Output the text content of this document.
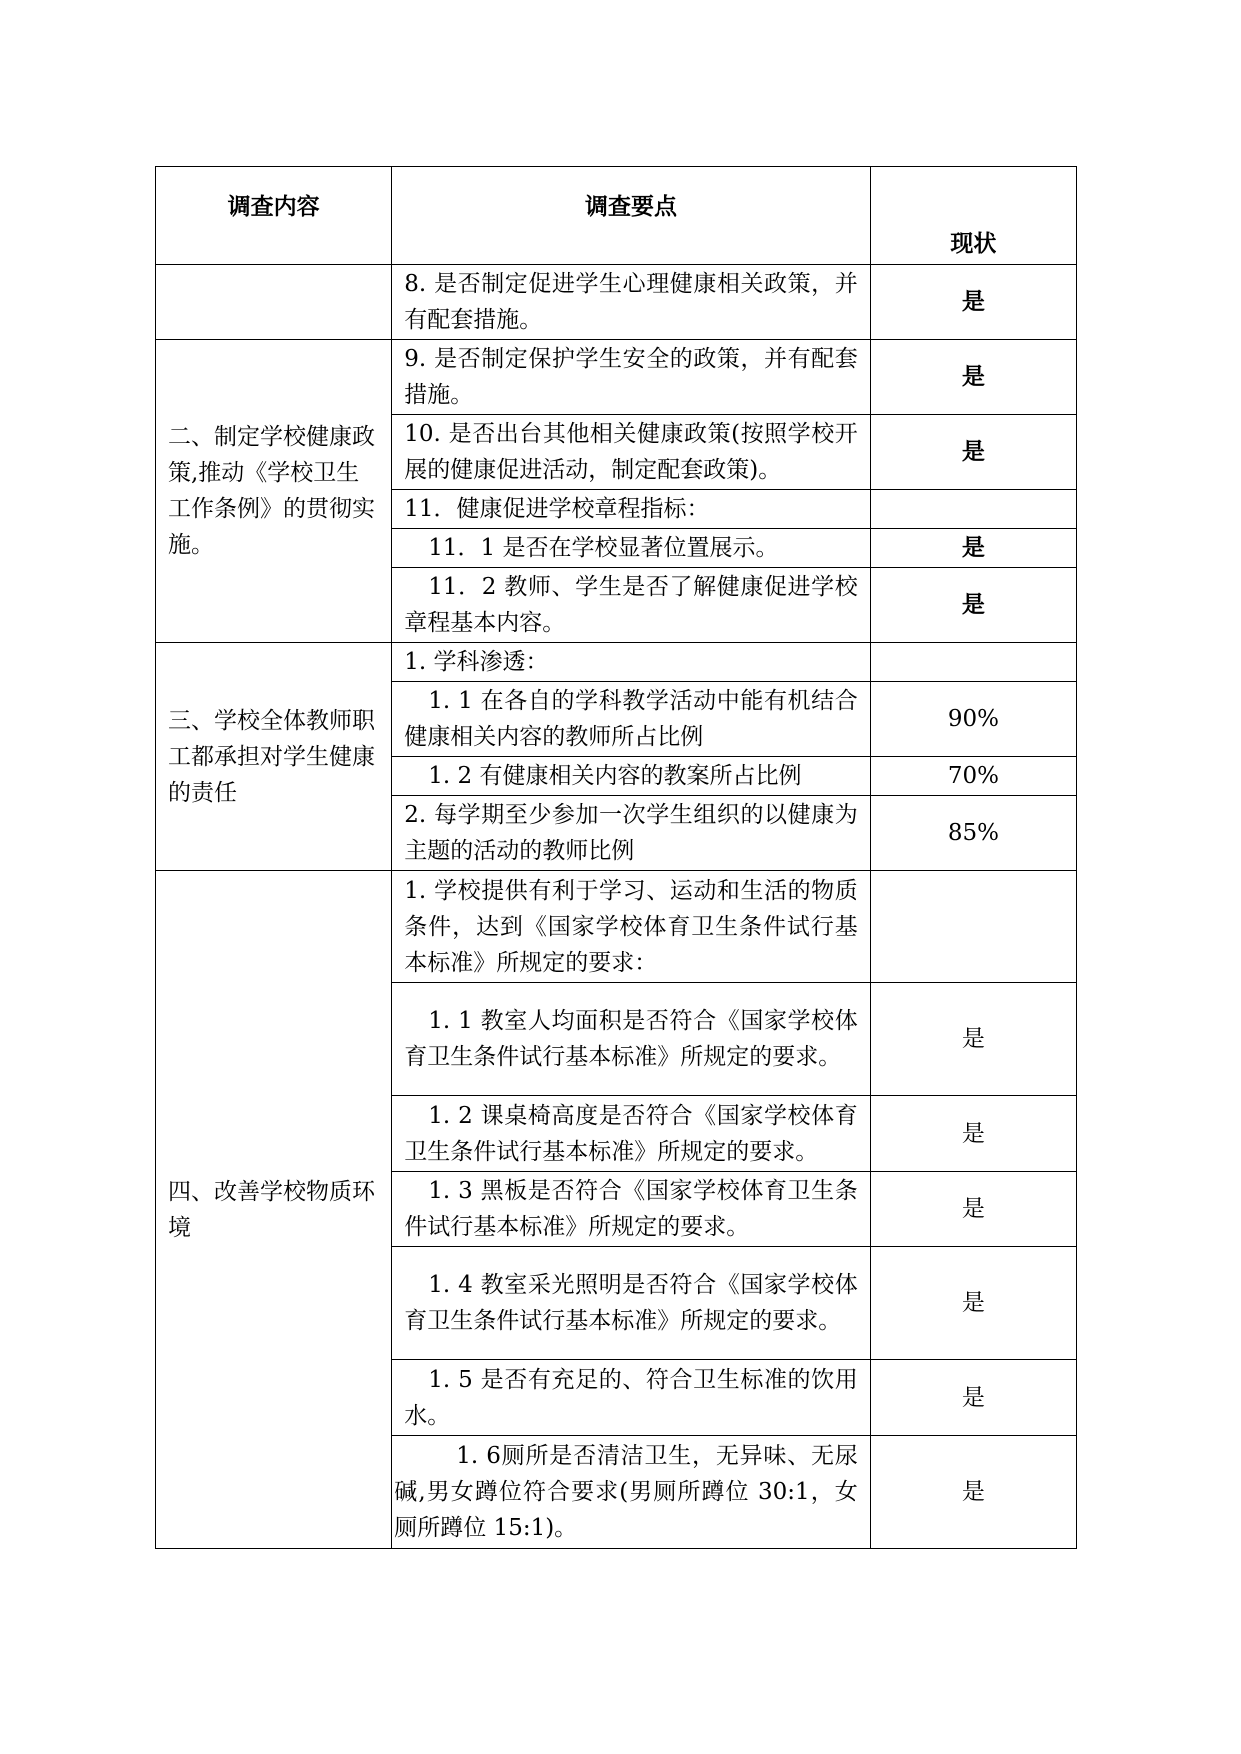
调查内容	调查要点	现状
	8. 是否制定促进学生心理健康相关政策，并有配套措施。	是
二、制定学校健康政策,推动《学校卫生工作条例》的贯彻实施。	9. 是否制定保护学生安全的政策，并有配套措施。	是
	10. 是否出台其他相关健康政策(按照学校开展的健康促进活动，制定配套政策)。	是
	11．健康促进学校章程指标：	
	11．1 是否在学校显著位置展示。	是
	11．2 教师、学生是否了解健康促进学校章程基本内容。	是
三、学校全体教师职工都承担对学生健康的责任	1. 学科渗透：	
	1. 1 在各自的学科教学活动中能有机结合健康相关内容的教师所占比例	90%
	1. 2 有健康相关内容的教案所占比例	70%
	2. 每学期至少参加一次学生组织的以健康为主题的活动的教师比例	85%
四、改善学校物质环境	1. 学校提供有利于学习、运动和生活的物质条件，达到《国家学校体育卫生条件试行基本标准》所规定的要求：	
	1. 1 教室人均面积是否符合《国家学校体育卫生条件试行基本标准》所规定的要求。	是
	1. 2 课桌椅高度是否符合《国家学校体育卫生条件试行基本标准》所规定的要求。	是
	1. 3 黑板是否符合《国家学校体育卫生条件试行基本标准》所规定的要求。	是
	1. 4 教室采光照明是否符合《国家学校体育卫生条件试行基本标准》所规定的要求。	是
	1. 5 是否有充足的、符合卫生标准的饮用水。	是
	1. 6厕所是否清洁卫生，无异味、无尿碱,男女蹲位符合要求(男厕所蹲位 30:1，女厕所蹲位 15:1)。	是
